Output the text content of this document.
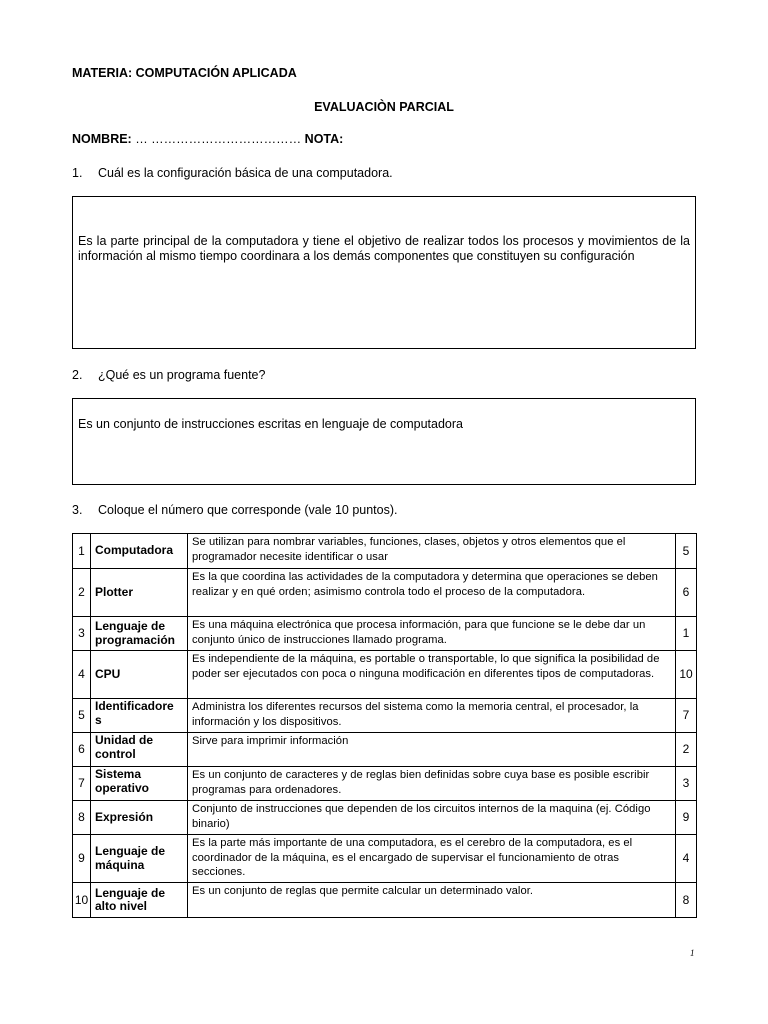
MATERIA: COMPUTACIÓN APLICADA
EVALUACIÒN PARCIAL
NOMBRE: … ……………………………… NOTA:
1. Cuál es la configuración básica de una computadora.
Es la parte principal de la computadora y tiene el objetivo de realizar todos los procesos y movimientos de la información al mismo tiempo coordinara a los demás componentes que constituyen su configuración
2. ¿Qué es un programa fuente?
Es un conjunto de instrucciones escritas en lenguaje de computadora
3. Coloque el número que corresponde (vale 10 puntos).
1	Computadora	Se utilizan para nombrar variables, funciones, clases, objetos y otros elementos que el programador necesite identificar o usar	5
2	Plotter	Es la que coordina las actividades de la computadora y determina que operaciones se deben realizar y en qué orden; asimismo controla todo el proceso de la computadora.	6
3	Lenguaje de programación	Es una máquina electrónica que procesa información, para que funcione se le debe dar un conjunto único de instrucciones llamado programa.	1
4	CPU	Es independiente de la máquina, es portable o transportable, lo que significa la posibilidad de poder ser ejecutados con poca o ninguna modificación en diferentes tipos de computadoras.	10
5	Identificadore s	Administra los diferentes recursos del sistema como la memoria central, el procesador, la información y los dispositivos.	7
6	Unidad de control	Sirve para imprimir información	2
7	Sistema operativo	Es un conjunto de caracteres y de reglas bien definidas sobre cuya base es posible escribir programas para ordenadores.	3
8	Expresión	Conjunto de instrucciones que dependen de los circuitos internos de la maquina (ej. Código binario)	9
9	Lenguaje de máquina	Es la parte más importante de una computadora, es el cerebro de la computadora, es el coordinador de la máquina, es el encargado de supervisar el funcionamiento de otras secciones.	4
10	Lenguaje de alto nivel	Es un conjunto de reglas que permite calcular un determinado valor.	8
1
